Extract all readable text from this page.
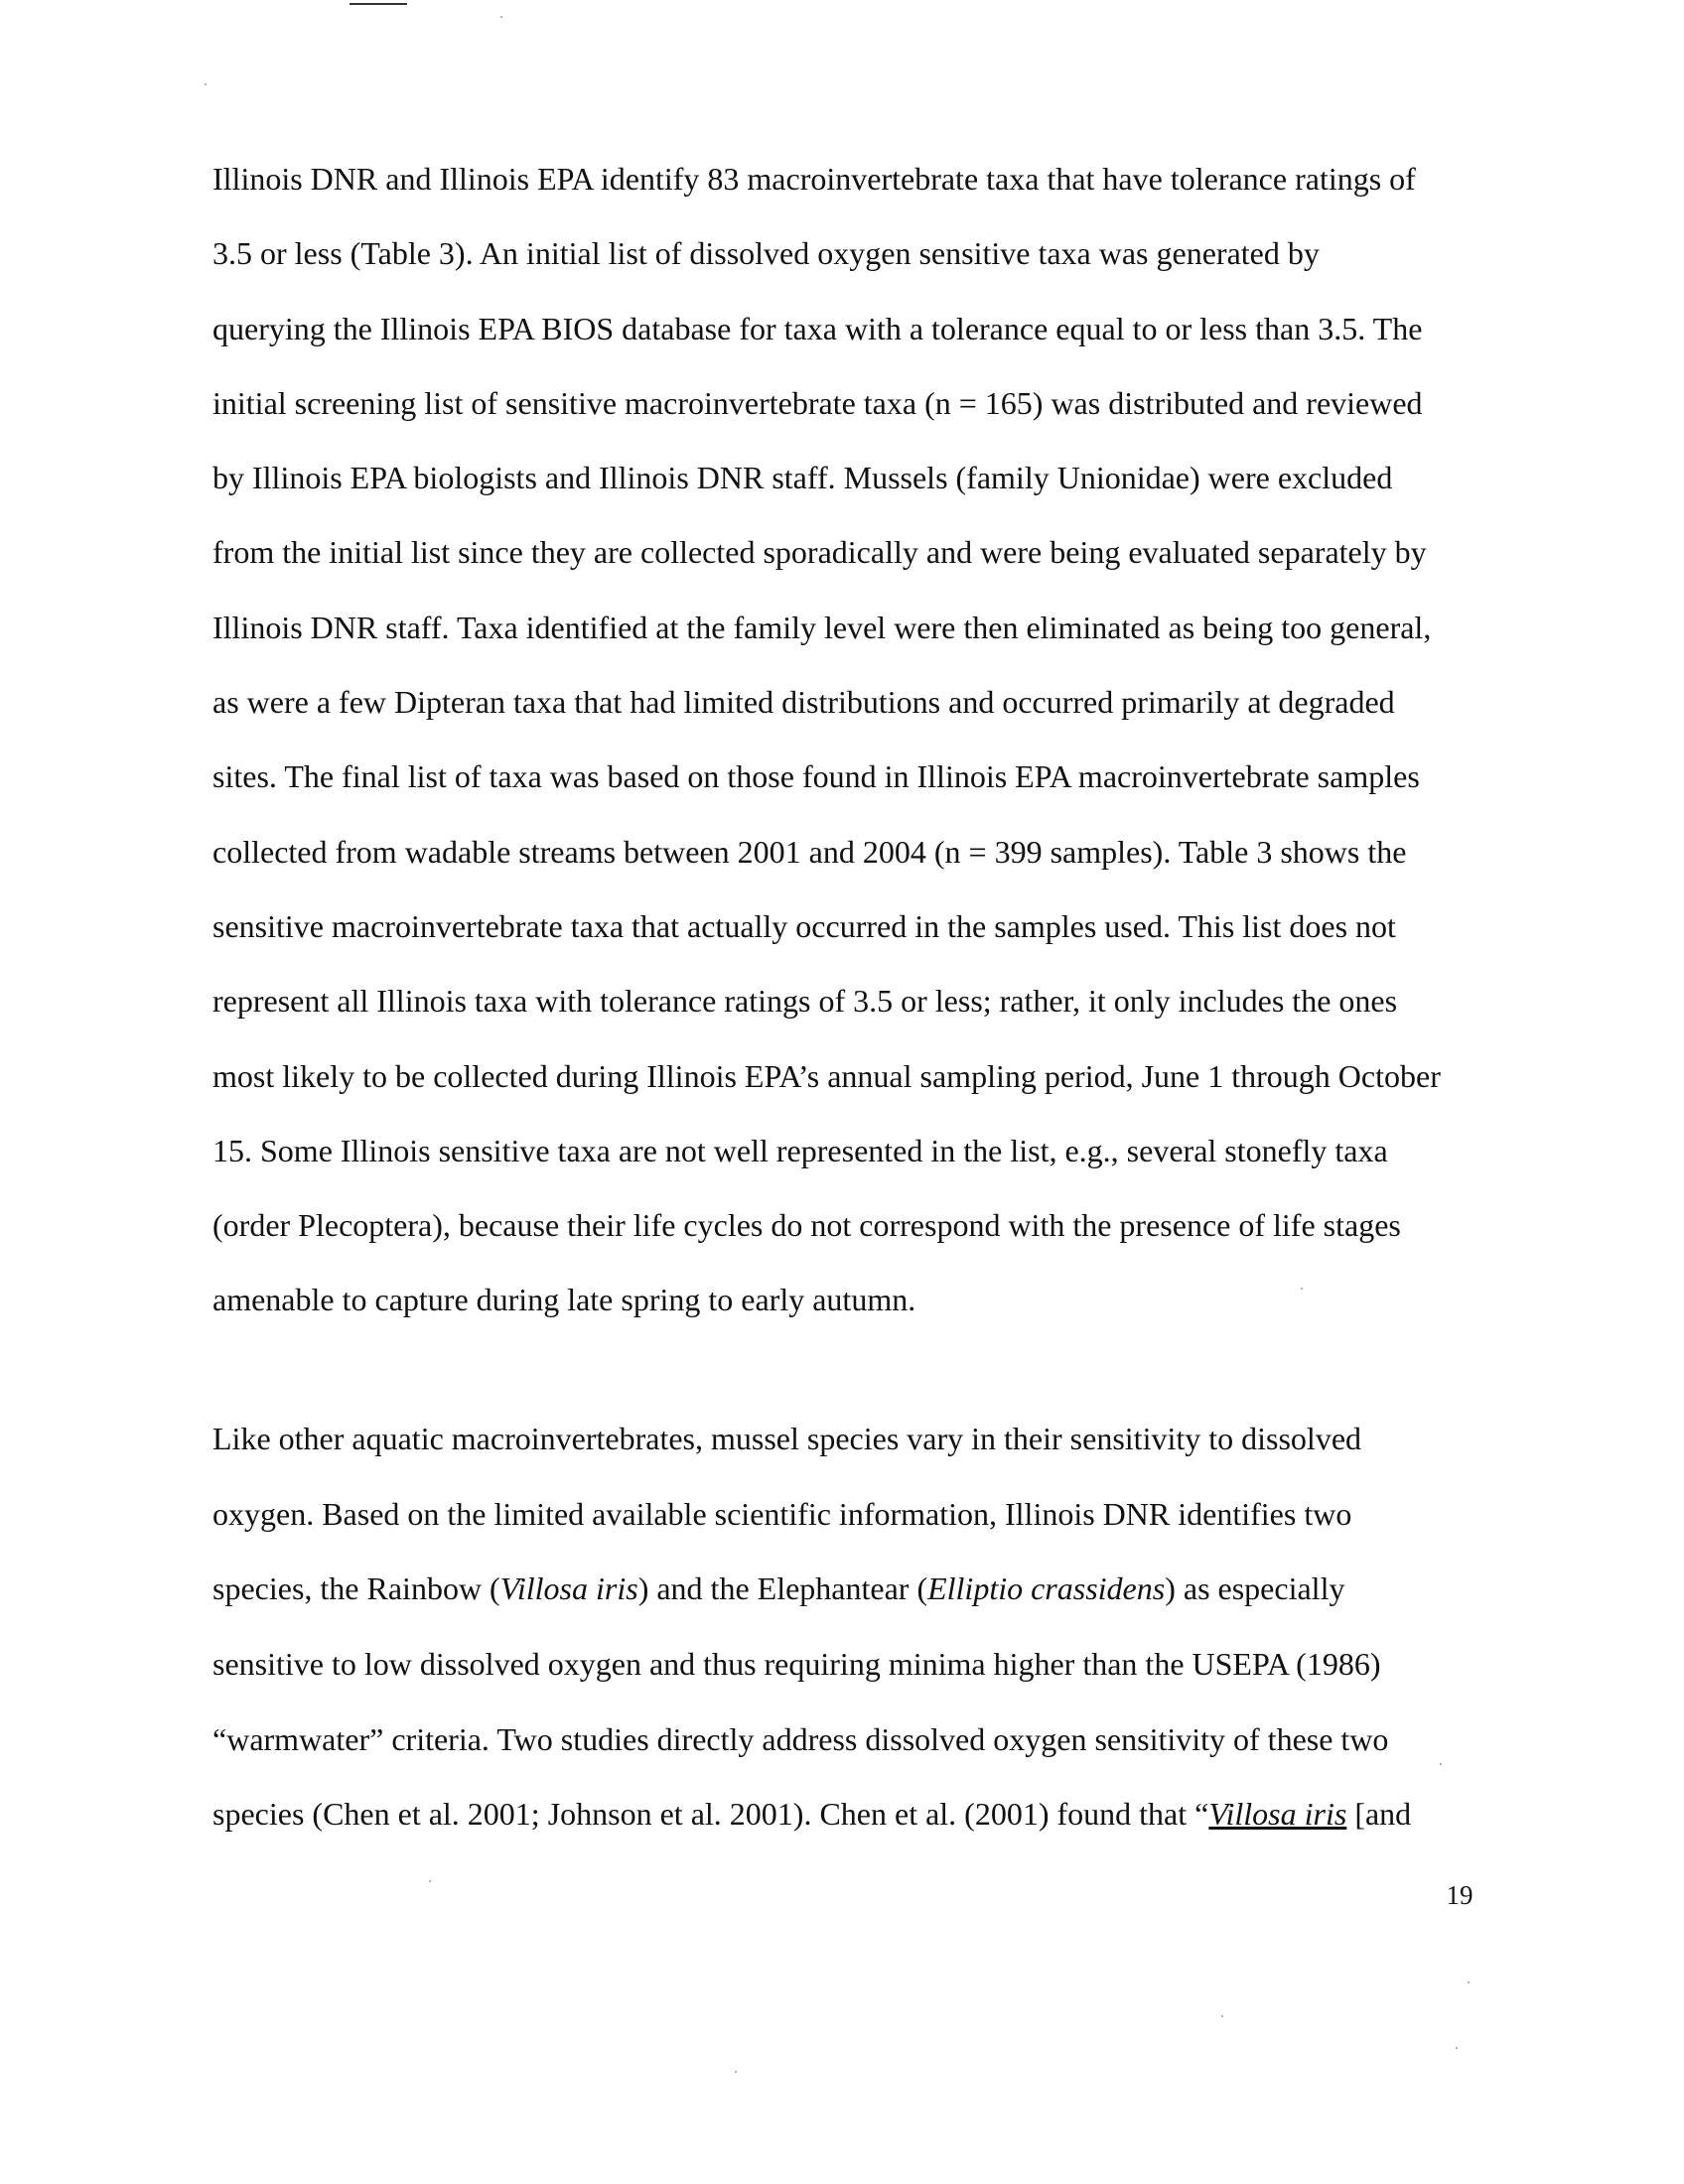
Illinois DNR and Illinois EPA identify 83 macroinvertebrate taxa that have tolerance ratings of
3.5 or less (Table 3). An initial list of dissolved oxygen sensitive taxa was generated by
querying the Illinois EPA BIOS database for taxa with a tolerance equal to or less than 3.5. The
initial screening list of sensitive macroinvertebrate taxa (n = 165) was distributed and reviewed
by Illinois EPA biologists and Illinois DNR staff. Mussels (family Unionidae) were excluded
from the initial list since they are collected sporadically and were being evaluated separately by
Illinois DNR staff. Taxa identified at the family level were then eliminated as being too general,
as were a few Dipteran taxa that had limited distributions and occurred primarily at degraded
sites. The final list of taxa was based on those found in Illinois EPA macroinvertebrate samples
collected from wadable streams between 2001 and 2004 (n = 399 samples). Table 3 shows the
sensitive macroinvertebrate taxa that actually occurred in the samples used. This list does not
represent all Illinois taxa with tolerance ratings of 3.5 or less; rather, it only includes the ones
most likely to be collected during Illinois EPA’s annual sampling period, June 1 through October
15. Some Illinois sensitive taxa are not well represented in the list, e.g., several stonefly taxa
(order Plecoptera), because their life cycles do not correspond with the presence of life stages
amenable to capture during late spring to early autumn.
Like other aquatic macroinvertebrates, mussel species vary in their sensitivity to dissolved
oxygen. Based on the limited available scientific information, Illinois DNR identifies two
species, the Rainbow (Villosa iris) and the Elephantear (Elliptio crassidens) as especially
sensitive to low dissolved oxygen and thus requiring minima higher than the USEPA (1986)
“warmwater” criteria. Two studies directly address dissolved oxygen sensitivity of these two
species (Chen et al. 2001; Johnson et al. 2001). Chen et al. (2001) found that “Villosa iris [and
19
